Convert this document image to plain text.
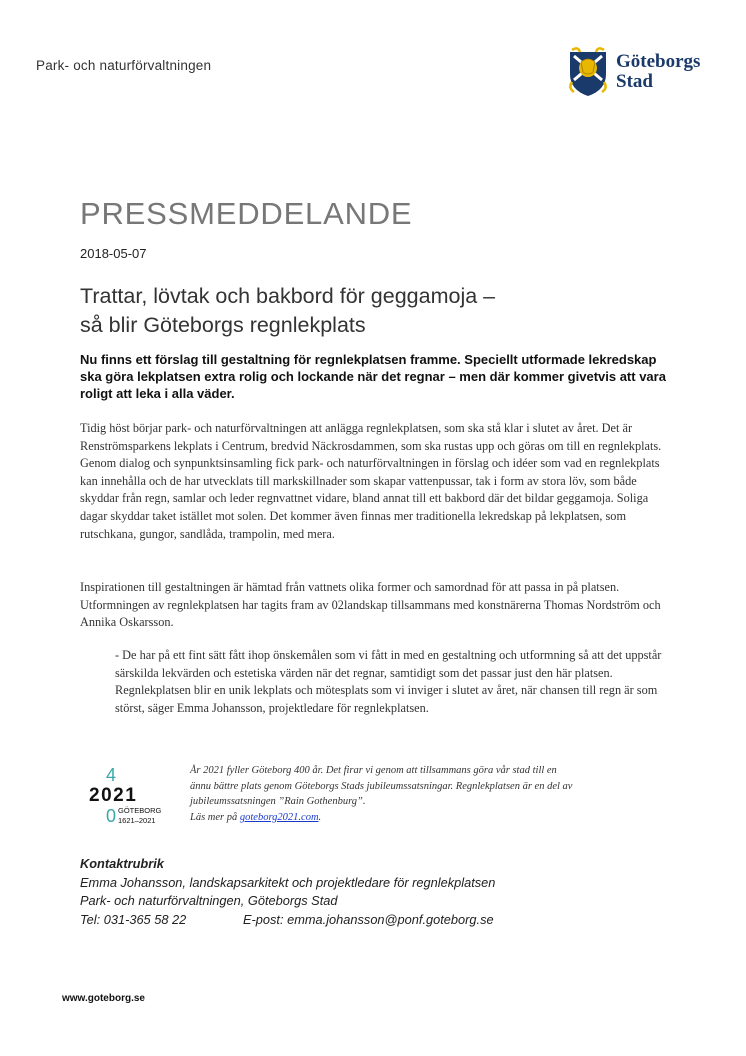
Park- och naturförvaltningen	Göteborgs
Stad
PRESSMEDDELANDE
2018-05-07
Trattar, lövtak och bakbord för geggamoja –
så blir Göteborgs regnlekplats
Nu finns ett förslag till gestaltning för regnlekplatsen framme. Speciellt utformade lekredskap ska göra lekplatsen extra rolig och lockande när det regnar – men där kommer givetvis att vara roligt att leka i alla väder.

Tidig höst börjar park- och naturförvaltningen att anlägga regnlekplatsen, som ska stå klar i slutet av året. Det är Renströmsparkens lekplats i Centrum, bredvid Näckrosdammen, som ska rustas upp och göras om till en regnlekplats. Genom dialog och synpunktsinsamling fick park- och naturförvaltningen in förslag och idéer som vad en regnlekplats kan innehålla och de har utvecklats till markskillnader som skapar vattenpussar, tak i form av stora löv, som både skyddar från regn, samlar och leder regnvattnet vidare, bland annat till ett bakbord där det bildar geggamoja. Soliga dagar skyddar taket istället mot solen. Det kommer även finnas mer traditionella lekredskap på lekplatsen, som rutschkana, gungor, sandlåda, trampolin, med mera.

Inspirationen till gestaltningen är hämtad från vattnets olika former och samordnad för att passa in på platsen. Utformningen av regnlekplatsen har tagits fram av 02landskap tillsammans med konstnärerna Thomas Nordström och Annika Oskarsson.

- De har på ett fint sätt fått ihop önskemålen som vi fått in med en gestaltning och utformning så att det uppstår särskilda lekvärden och estetiska värden när det regnar, samtidigt som det passar just den här platsen. Regnlekplatsen blir en unik lekplats och mötesplats som vi inviger i slutet av året, när chansen till regn är som störst, säger Emma Johansson, projektledare för regnlekplatsen.

4
2021
0 GÖTEBORG
1621–2021
År 2021 fyller Göteborg 400 år. Det firar vi genom att tillsammans göra vår stad till en
ännu bättre plats genom Göteborgs Stads jubileumssatsningar. Regnlekplatsen är en del av
jubileumssatsningen ”Rain Gothenburg”.
Läs mer på goteborg2021.com.
Kontaktrubrik
Emma Johansson, landskapsarkitekt och projektledare för regnlekplatsen
Park- och naturförvaltningen, Göteborgs Stad
Tel: 031-365 58 22	E-post: emma.johansson@ponf.goteborg.se
www.goteborg.se
